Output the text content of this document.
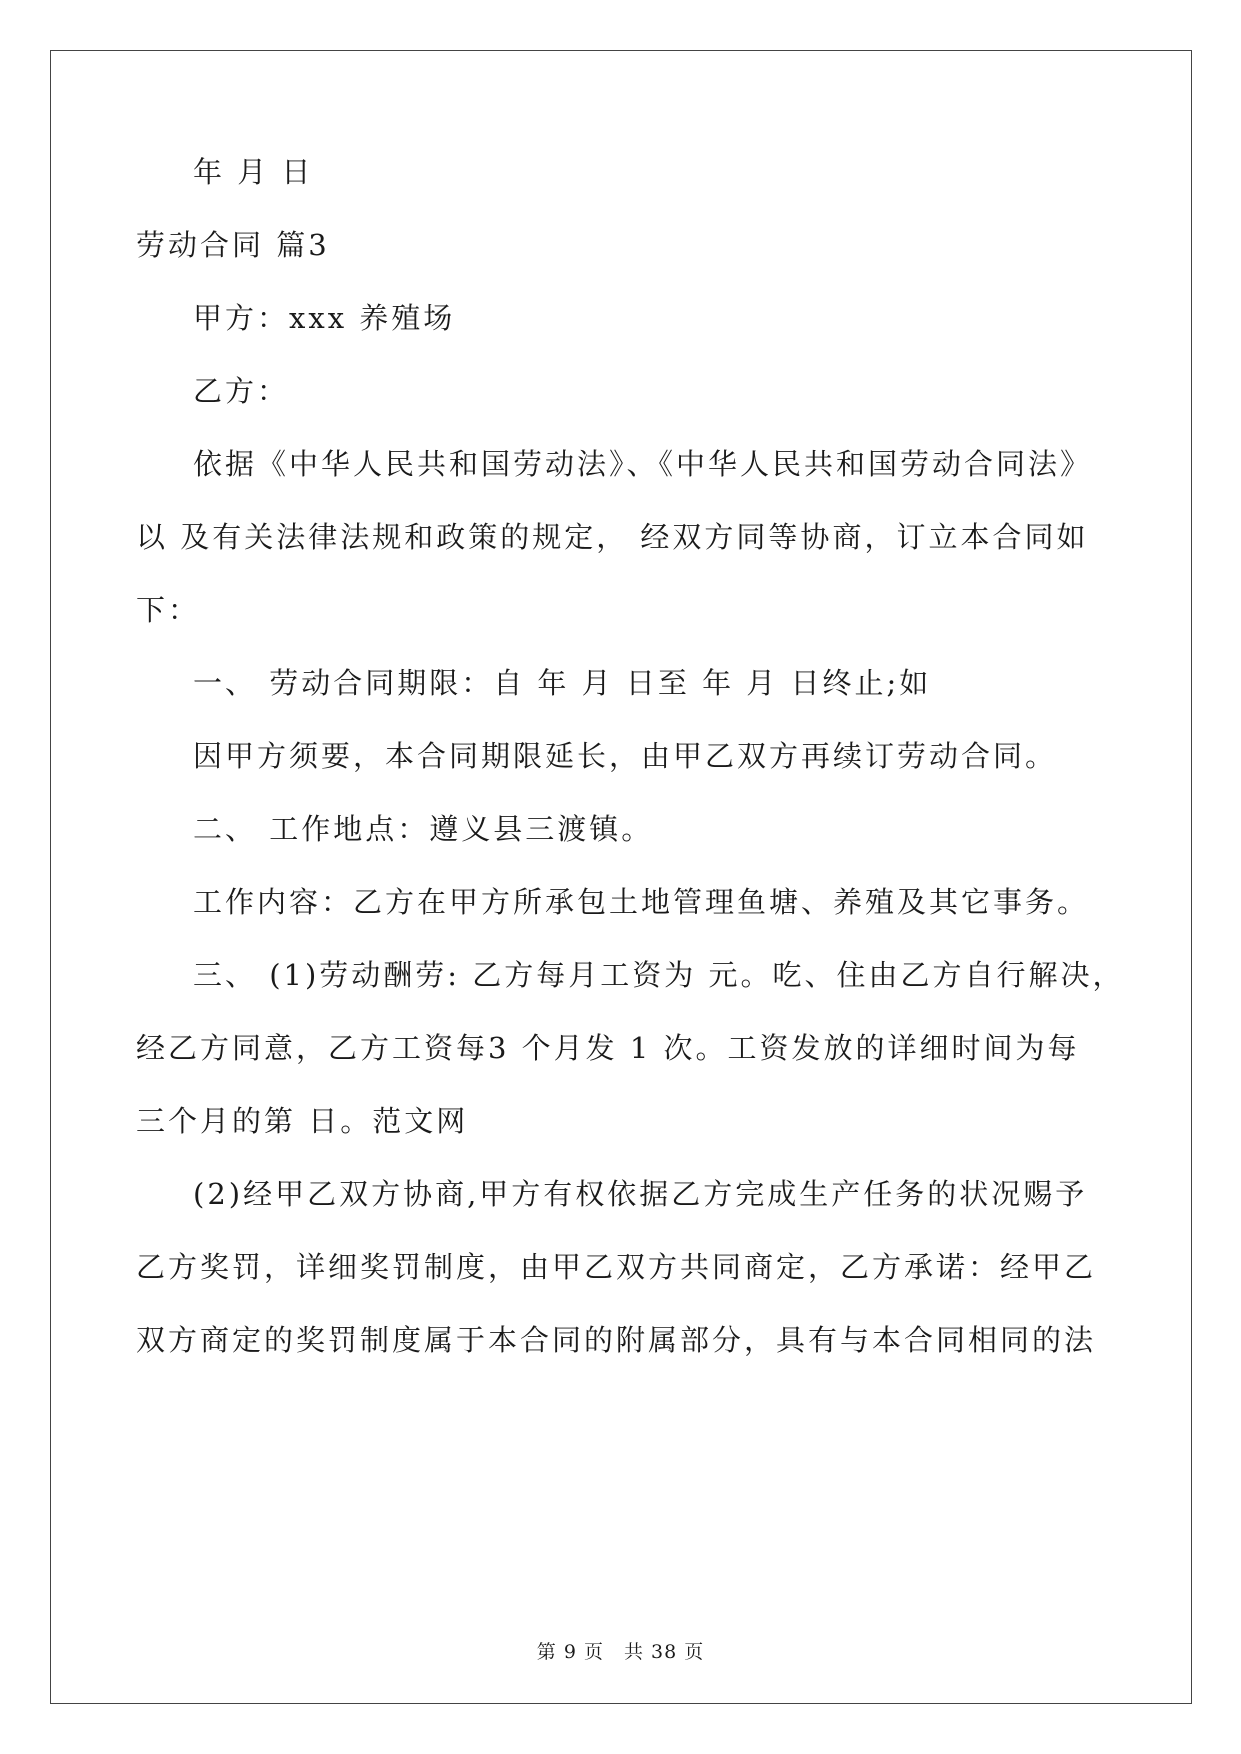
年 月 日
劳动合同 篇3
甲方：xxx 养殖场
乙方：
依据《中华人民共和国劳动法》、《中华人民共和国劳动合同法》
以 及有关法律法规和政策的规定， 经双方同等协商，订立本合同如
下：
一、 劳动合同期限：自 年 月 日至 年 月 日终止;如
因甲方须要，本合同期限延长，由甲乙双方再续订劳动合同。
二、 工作地点：遵义县三渡镇。
工作内容：乙方在甲方所承包土地管理鱼塘、养殖及其它事务。
三、 (1)劳动酬劳: 乙方每月工资为 元。吃、住由乙方自行解决，
经乙方同意，乙方工资每3 个月发 1 次。工资发放的详细时间为每
三个月的第 日。范文网
(2)经甲乙双方协商,甲方有权依据乙方完成生产任务的状况赐予
乙方奖罚，详细奖罚制度，由甲乙双方共同商定，乙方承诺：经甲乙
双方商定的奖罚制度属于本合同的附属部分，具有与本合同相同的法
第 9 页　共 38 页
